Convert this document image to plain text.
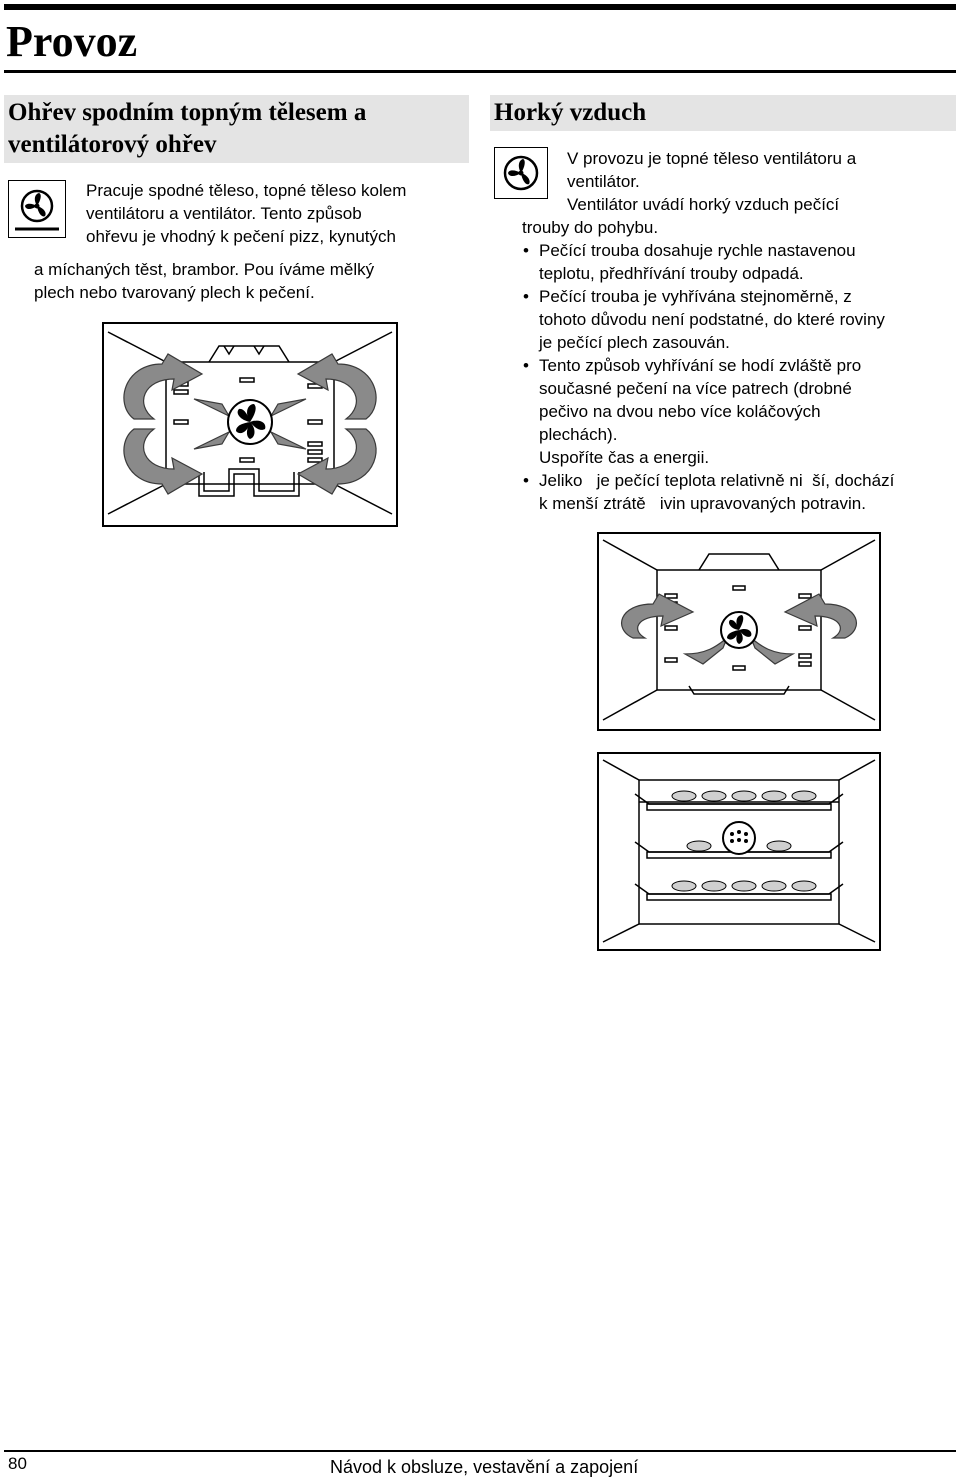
Provoz
Ohřev spodním topným tělesem a
ventilátorový ohřev
Pracuje spodné těleso, topné těleso kolem
ventilátoru a ventilátor. Tento způsob
ohřevu je vhodný k pečení pizz, kynutých
a míchaných těst, brambor. Pou íváme mělký
plech nebo tvarovaný plech k pečení.
Horký vzduch

V provozu je topné těleso ventilátoru a

ventilátor.

Ventilátor uvádí horký vzduch pečící

trouby do pohybu.

• Pečící trouba dosahuje rychle nastavenou
teplotu, předhřívání trouby odpadá.
• Pečící trouba je vyhřívána stejnoměrně, z
tohoto důvodu není podstatné, do které roviny
je pečící plech zasouván.
• Tento způsob vyhřívání se hodí zvláště pro
současné pečení na více patrech (drobné
pečivo na dvou nebo více koláčových
plechách).
Uspoříte čas a energii.
• Jeliko   je pečící teplota relativně ni  ší, dochází
k menší ztrátě   ivin upravovaných potravin.
80	Návod k obsluze, vestavění a zapojení
